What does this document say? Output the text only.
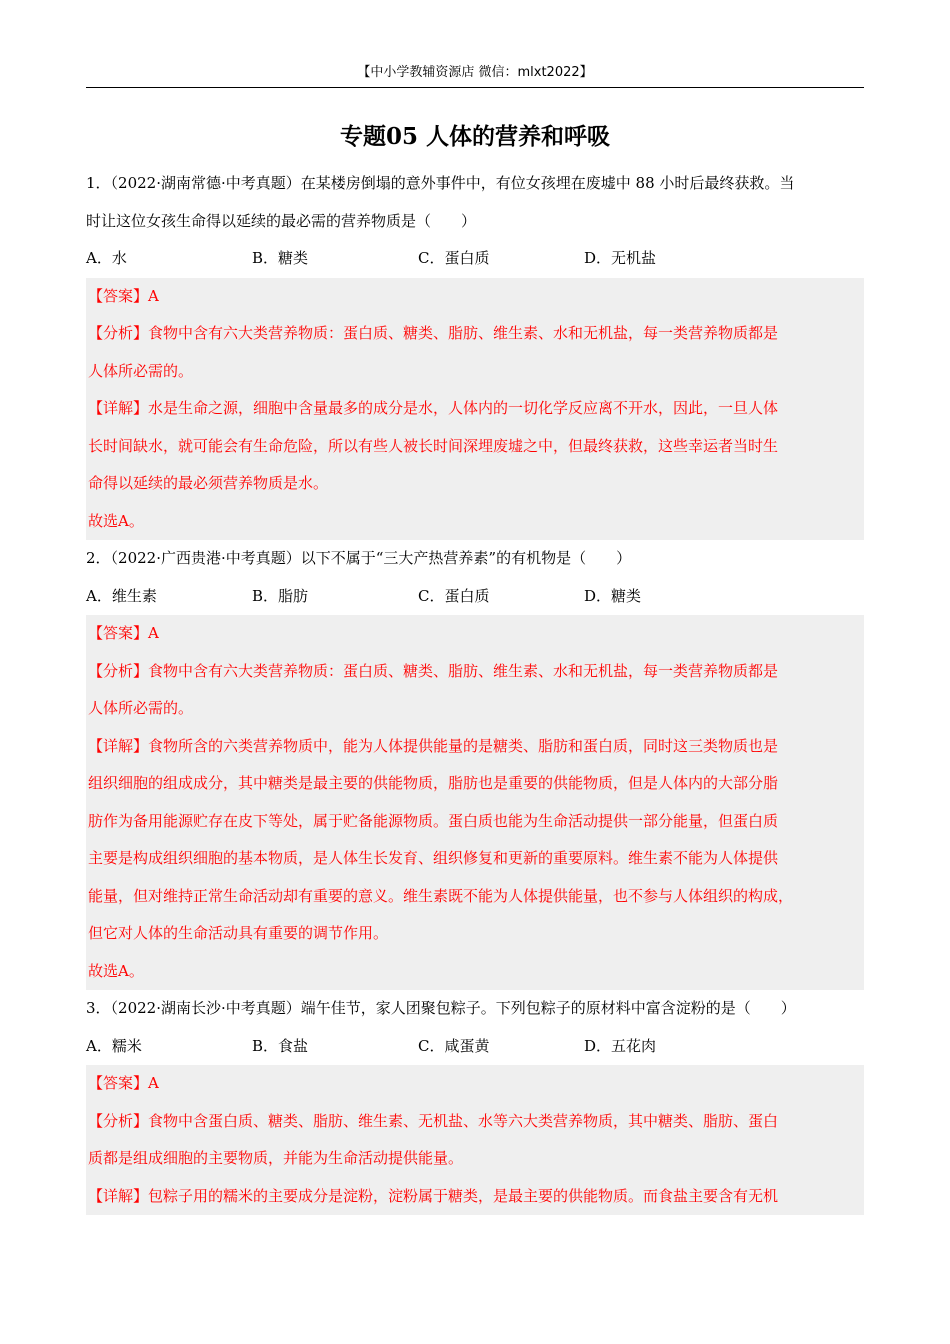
【中小学教辅资源店 微信：mlxt2022】
专题05 人体的营养和呼吸
1．（2022·湖南常德·中考真题）在某楼房倒塌的意外事件中，有位女孩埋在废墟中 88 小时后最终获救。当
时让这位女孩生命得以延续的最必需的营养物质是（　　）
A．水	B．糖类	C．蛋白质	D．无机盐
【答案】A
【分析】食物中含有六大类营养物质：蛋白质、糖类、脂肪、维生素、水和无机盐，每一类营养物质都是
人体所必需的。
【详解】水是生命之源，细胞中含量最多的成分是水，人体内的一切化学反应离不开水，因此，一旦人体
长时间缺水，就可能会有生命危险，所以有些人被长时间深埋废墟之中，但最终获救，这些幸运者当时生
命得以延续的最必须营养物质是水。
故选A。
2．（2022·广西贵港·中考真题）以下不属于“三大产热营养素”的有机物是（　　）
A．维生素	B．脂肪	C．蛋白质	D．糖类
【答案】A
【分析】食物中含有六大类营养物质：蛋白质、糖类、脂肪、维生素、水和无机盐，每一类营养物质都是
人体所必需的。
【详解】食物所含的六类营养物质中，能为人体提供能量的是糖类、脂肪和蛋白质，同时这三类物质也是
组织细胞的组成成分，其中糖类是最主要的供能物质，脂肪也是重要的供能物质，但是人体内的大部分脂
肪作为备用能源贮存在皮下等处，属于贮备能源物质。蛋白质也能为生命活动提供一部分能量，但蛋白质
主要是构成组织细胞的基本物质，是人体生长发育、组织修复和更新的重要原料。维生素不能为人体提供
能量，但对维持正常生命活动却有重要的意义。维生素既不能为人体提供能量，也不参与人体组织的构成，
但它对人体的生命活动具有重要的调节作用。
故选A。
3．（2022·湖南长沙·中考真题）端午佳节，家人团聚包粽子。下列包粽子的原材料中富含淀粉的是（　　）
A．糯米	B．食盐	C．咸蛋黄	D．五花肉
【答案】A
【分析】食物中含蛋白质、糖类、脂肪、维生素、无机盐、水等六大类营养物质，其中糖类、脂肪、蛋白
质都是组成细胞的主要物质，并能为生命活动提供能量。
【详解】包粽子用的糯米的主要成分是淀粉，淀粉属于糖类，是最主要的供能物质。而食盐主要含有无机
